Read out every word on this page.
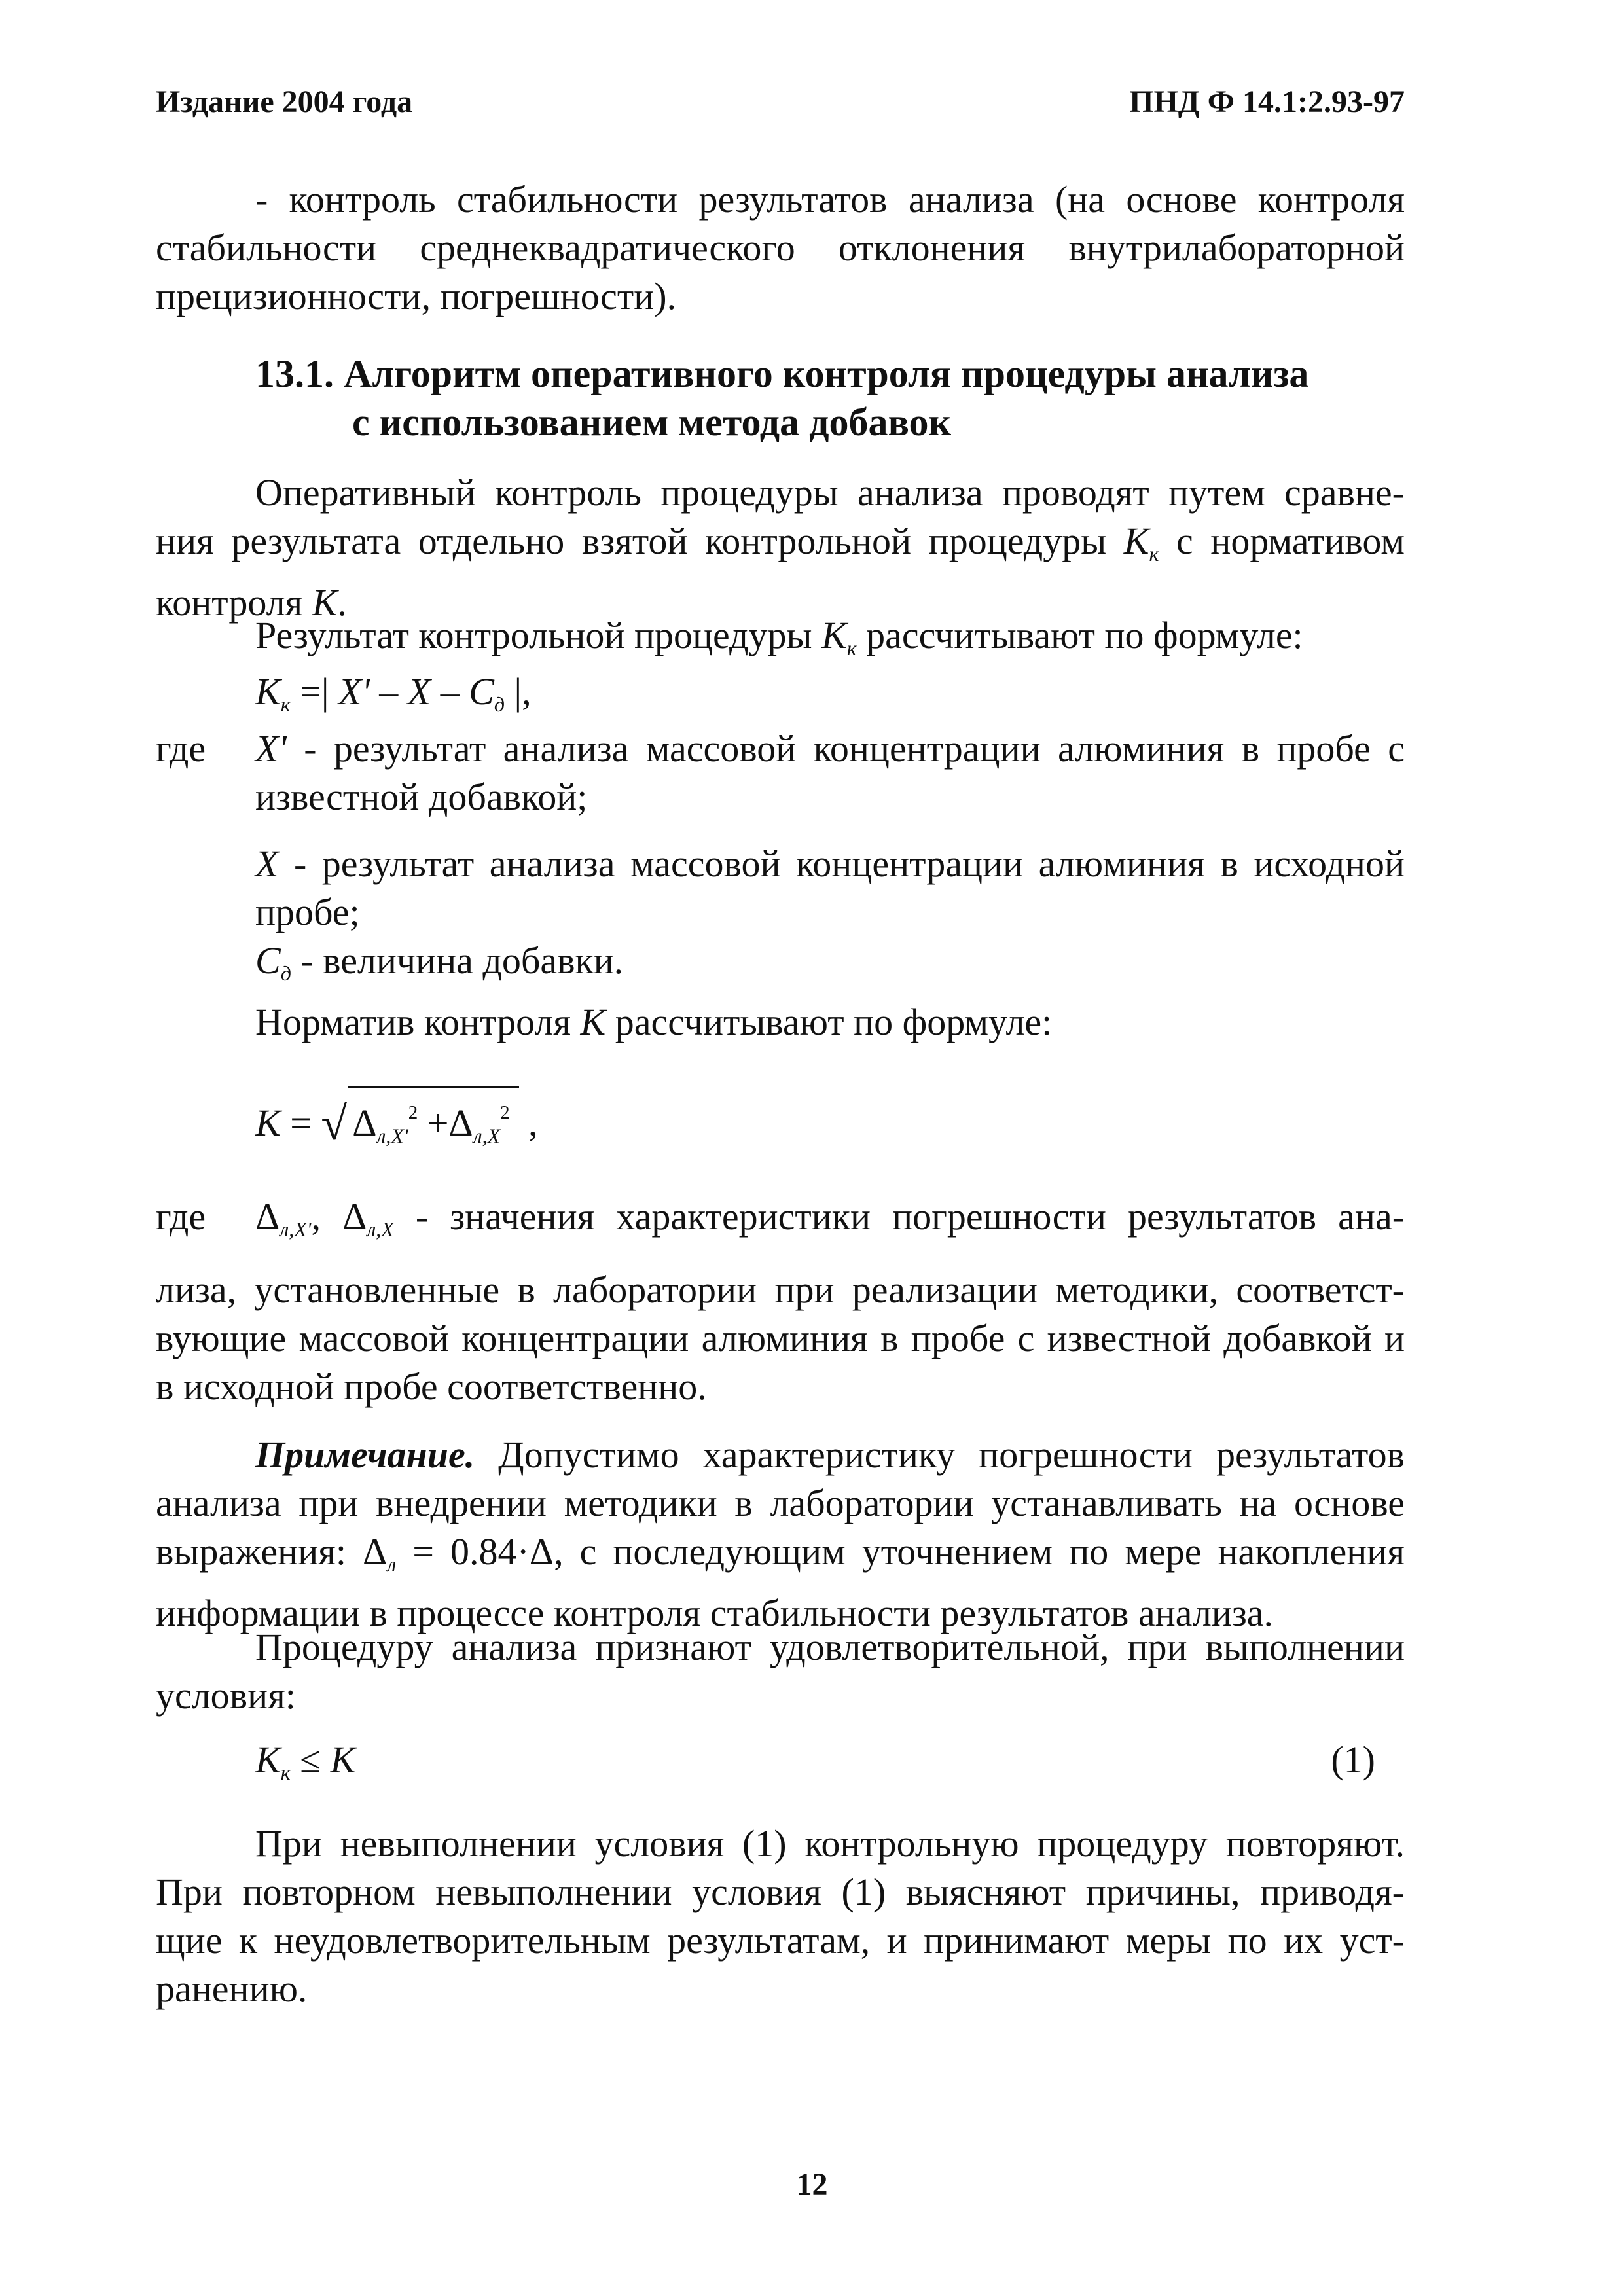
Издание 2004 года	ПНД Ф 14.1:2.93-97
- контроль стабильности результатов анализа (на основе контроля
стабильности среднеквадратического отклонения внутрилабораторной
прецизионности, погрешности).
13.1. Алгоритм оперативного контроля процедуры анализа
с использованием метода добавок
Оперативный контроль процедуры анализа проводят путем сравне-
ния результата отдельно взятой контрольной процедуры $K_к$ с нормативом
контроля K.
Результат контрольной процедуры $K_к$ рассчитывают по формуле:
$K_к$ =| X' – X – $C_д$ |,
где X' - результат анализа массовой концентрации алюминия в пробе с
известной добавкой;
X - результат анализа массовой концентрации алюминия в исходной
пробе;
$C_д$ - величина добавки.
Норматив контроля K рассчитывают по формуле:
K = √ $\Delta_{л,X'}^2 +\Delta_{л,X}^2$ ,
где $\Delta_{л,X'}$, $\Delta_{л,X}$ - значения характеристики погрешности результатов ана-
лиза, установленные в лаборатории при реализации методики, соответст-
вующие массовой концентрации алюминия в пробе с известной добавкой и
в исходной пробе соответственно.
Примечание. Допустимо характеристику погрешности результатов
анализа при внедрении методики в лаборатории устанавливать на основе
выражения: $\Delta_л = 0.84\cdot\Delta$, с последующим уточнением по мере накопления
информации в процессе контроля стабильности результатов анализа.
Процедуру анализа признают удовлетворительной, при выполнении
условия:
$K_к \le K$	(1)
При невыполнении условия (1) контрольную процедуру повторяют.
При повторном невыполнении условия (1) выясняют причины, приводя-
щие к неудовлетворительным результатам, и принимают меры по их уст-
ранению.
12
